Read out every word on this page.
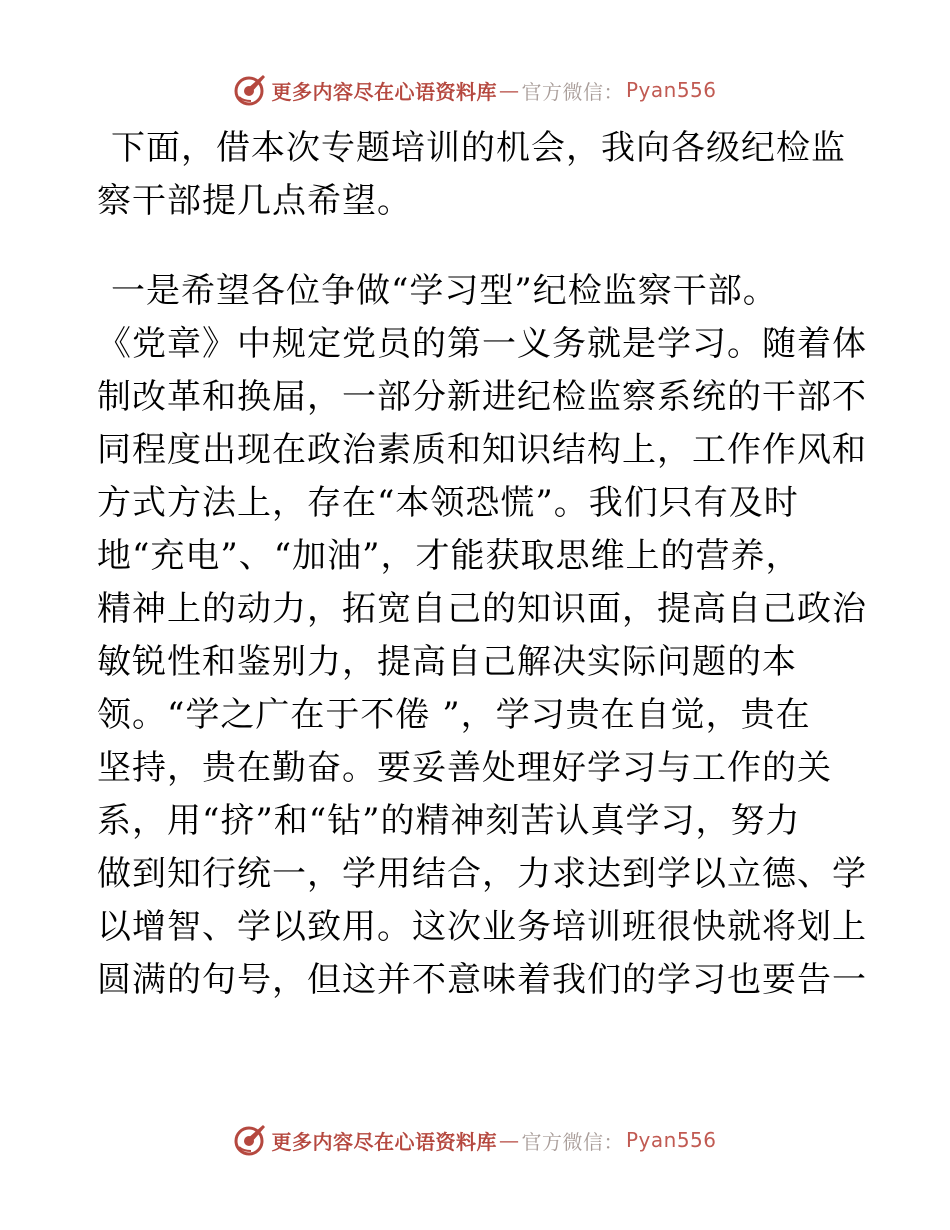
更多内容尽在心语资料库 — 官方微信： Pyan556
下面，借本次专题培训的机会，我向各级纪检监
察干部提几点希望。
一是希望各位争做“学习型”纪检监察干部。
《党章》中规定党员的第一义务就是学习。随着体
制改革和换届，一部分新进纪检监察系统的干部不
同程度出现在政治素质和知识结构上，工作作风和
方式方法上，存在“本领恐慌”。我们只有及时
地“充电”、“加油”，才能获取思维上的营养，
精神上的动力，拓宽自己的知识面，提高自己政治
敏锐性和鉴别力，提高自己解决实际问题的本
领。“学之广在于不倦 ”，学习贵在自觉，贵在
坚持，贵在勤奋。要妥善处理好学习与工作的关
系，用“挤”和“钻”的精神刻苦认真学习，努力
做到知行统一，学用结合，力求达到学以立德、学
以增智、学以致用。这次业务培训班很快就将划上
圆满的句号，但这并不意味着我们的学习也要告一
更多内容尽在心语资料库 — 官方微信： Pyan556
